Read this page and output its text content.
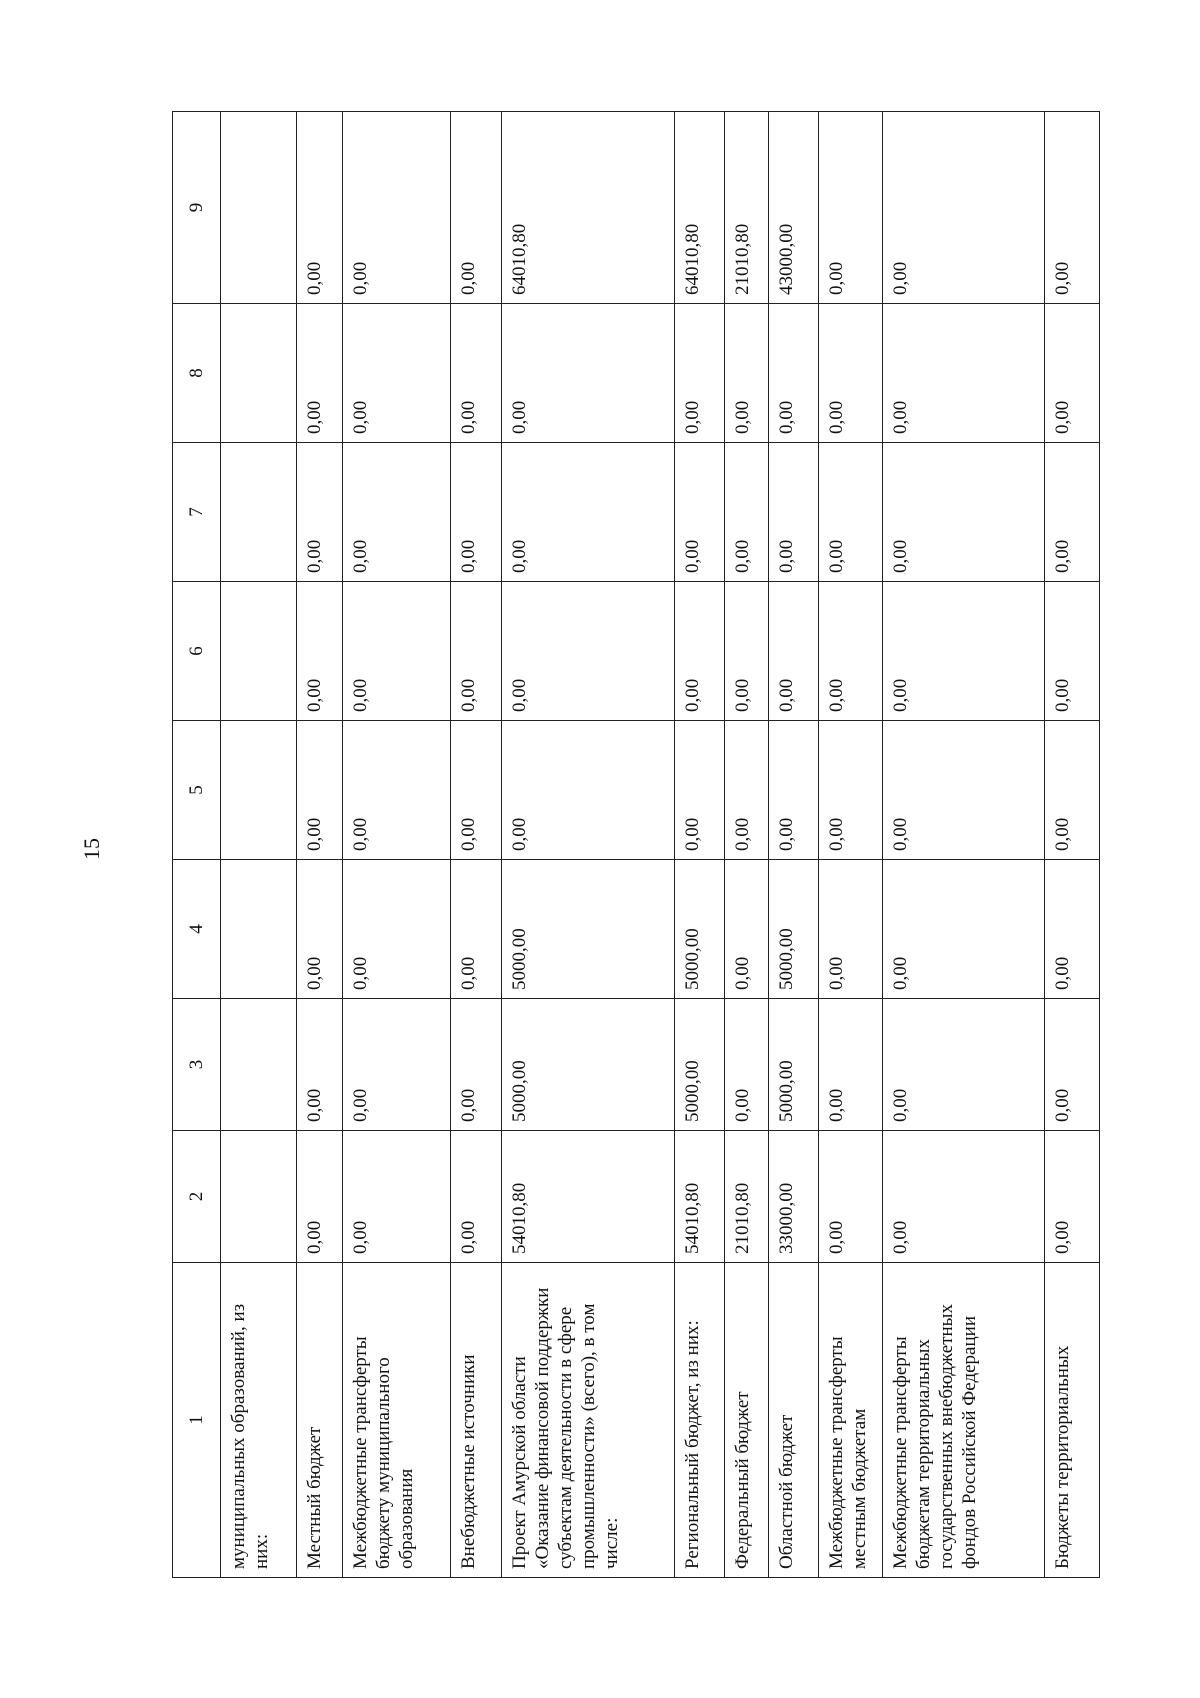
15
1	2	3	4	5	6	7	8	9
муниципальных образований, из них:								
Местный бюджет	0,00	0,00	0,00	0,00	0,00	0,00	0,00	0,00
Межбюджетные трансферты бюджету муниципального образования	0,00	0,00	0,00	0,00	0,00	0,00	0,00	0,00
Внебюджетные источники	0,00	0,00	0,00	0,00	0,00	0,00	0,00	0,00
Проект Амурской области «Оказание финансовой поддержки субъектам деятельности в сфере промышленности» (всего), в том числе:	54010,80	5000,00	5000,00	0,00	0,00	0,00	0,00	64010,80
Региональный бюджет, из них:	54010,80	5000,00	5000,00	0,00	0,00	0,00	0,00	64010,80
Федеральный бюджет	21010,80	0,00	0,00	0,00	0,00	0,00	0,00	21010,80
Областной бюджет	33000,00	5000,00	5000,00	0,00	0,00	0,00	0,00	43000,00
Межбюджетные трансферты местным бюджетам	0,00	0,00	0,00	0,00	0,00	0,00	0,00	0,00
Межбюджетные трансферты бюджетам территориальных государственных внебюджетных фондов Российской Федерации	0,00	0,00	0,00	0,00	0,00	0,00	0,00	0,00
Бюджеты территориальных	0,00	0,00	0,00	0,00	0,00	0,00	0,00	0,00
